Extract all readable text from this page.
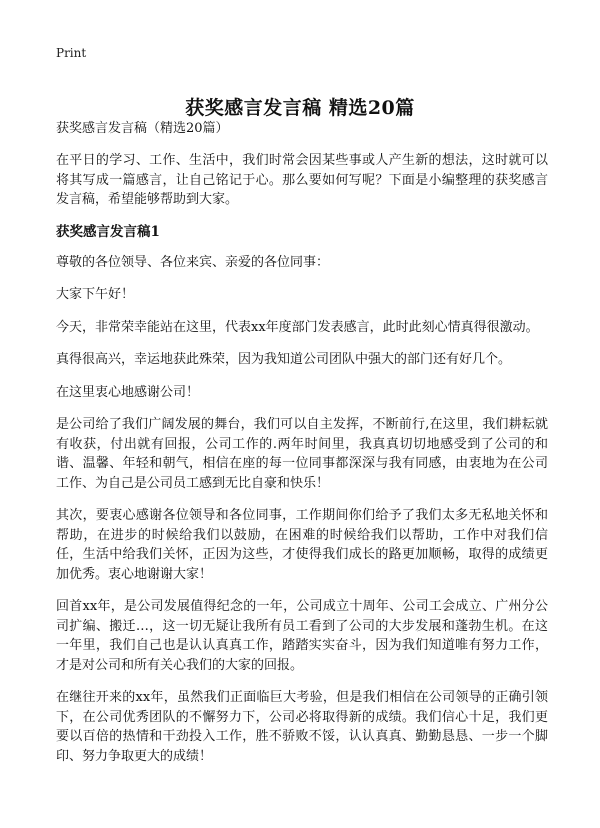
Print
获奖感言发言稿 精选20篇

获奖感言发言稿（精选20篇）

在平日的学习、工作、生活中，我们时常会因某些事或人产生新的想法，这时就可以将其写成一篇感言，让自己铭记于心。那么要如何写呢？下面是小编整理的获奖感言发言稿，希望能够帮助到大家。

获奖感言发言稿1

尊敬的各位领导、各位来宾、亲爱的各位同事：

大家下午好！

今天，非常荣幸能站在这里，代表xx年度部门发表感言，此时此刻心情真得很激动。

真得很高兴，幸运地获此殊荣，因为我知道公司团队中强大的部门还有好几个。

在这里衷心地感谢公司！

是公司给了我们广阔发展的舞台，我们可以自主发挥，不断前行,在这里，我们耕耘就有收获，付出就有回报，公司工作的.两年时间里，我真真切切地感受到了公司的和谐、温馨、年轻和朝气，相信在座的每一位同事都深深与我有同感，由衷地为在公司工作、为自己是公司员工感到无比自豪和快乐！

其次，要衷心感谢各位领导和各位同事，工作期间你们给予了我们太多无私地关怀和帮助，在进步的时候给我们以鼓励，在困难的时候给我们以帮助，工作中对我们信任，生活中给我们关怀，正因为这些，才使得我们成长的路更加顺畅，取得的成绩更加优秀。衷心地谢谢大家！

回首xx年，是公司发展值得纪念的一年，公司成立十周年、公司工会成立、广州分公司扩编、搬迁…，这一切无疑让我所有员工看到了公司的大步发展和蓬勃生机。在这一年里，我们自己也是认认真真工作，踏踏实实奋斗，因为我们知道唯有努力工作，才是对公司和所有关心我们的大家的回报。

在继往开来的xx年，虽然我们正面临巨大考验，但是我们相信在公司领导的正确引领下，在公司优秀团队的不懈努力下，公司必将取得新的成绩。我们信心十足，我们更要以百倍的热情和干劲投入工作，胜不骄败不馁，认认真真、勤勤恳恳、一步一个脚印、努力争取更大的成绩！
